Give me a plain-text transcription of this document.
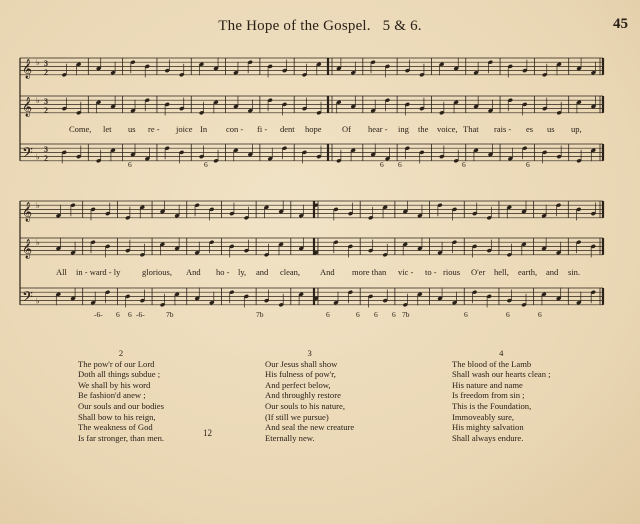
The Hope of the Gospel. 5 & 6.	45
𝄞 ♭ 3
2
𝄞 ♭ 3
2
𝄢 ♭
3
2
𝄞 ♭
𝄞 ♭
𝄢 ♭
Come, let us re - joice In con - fi - dent hope Of hear - ing the voice, That rais - es us up,
6	6	6 6	6	6
All in - ward - ly	glorious, And ho - ly, and clean, And more than vic - to - rious O'er hell, earth, and sin.
-6- 6 6 -6-	7b	7b	6	6 6 6 7b	6	6	6
2
The pow'r of our Lord
Doth all things subdue ;
We shall by his word
Be fashion'd anew ;
Our souls and our bodies
Shall bow to his reign,
The weakness of God
Is far stronger, than men.
3
Our Jesus shall show
His fulness of pow'r,
And perfect below,
And throughly restore
Our souls to his nature,
(If still we pursue)
And seal the new creature
Eternally new.
4
The blood of the Lamb
Shall wash our hearts clean ;
His nature and name
Is freedom from sin ;
This is the Foundation,
Immoveably sure,
His mighty salvation
Shall always endure.
12
